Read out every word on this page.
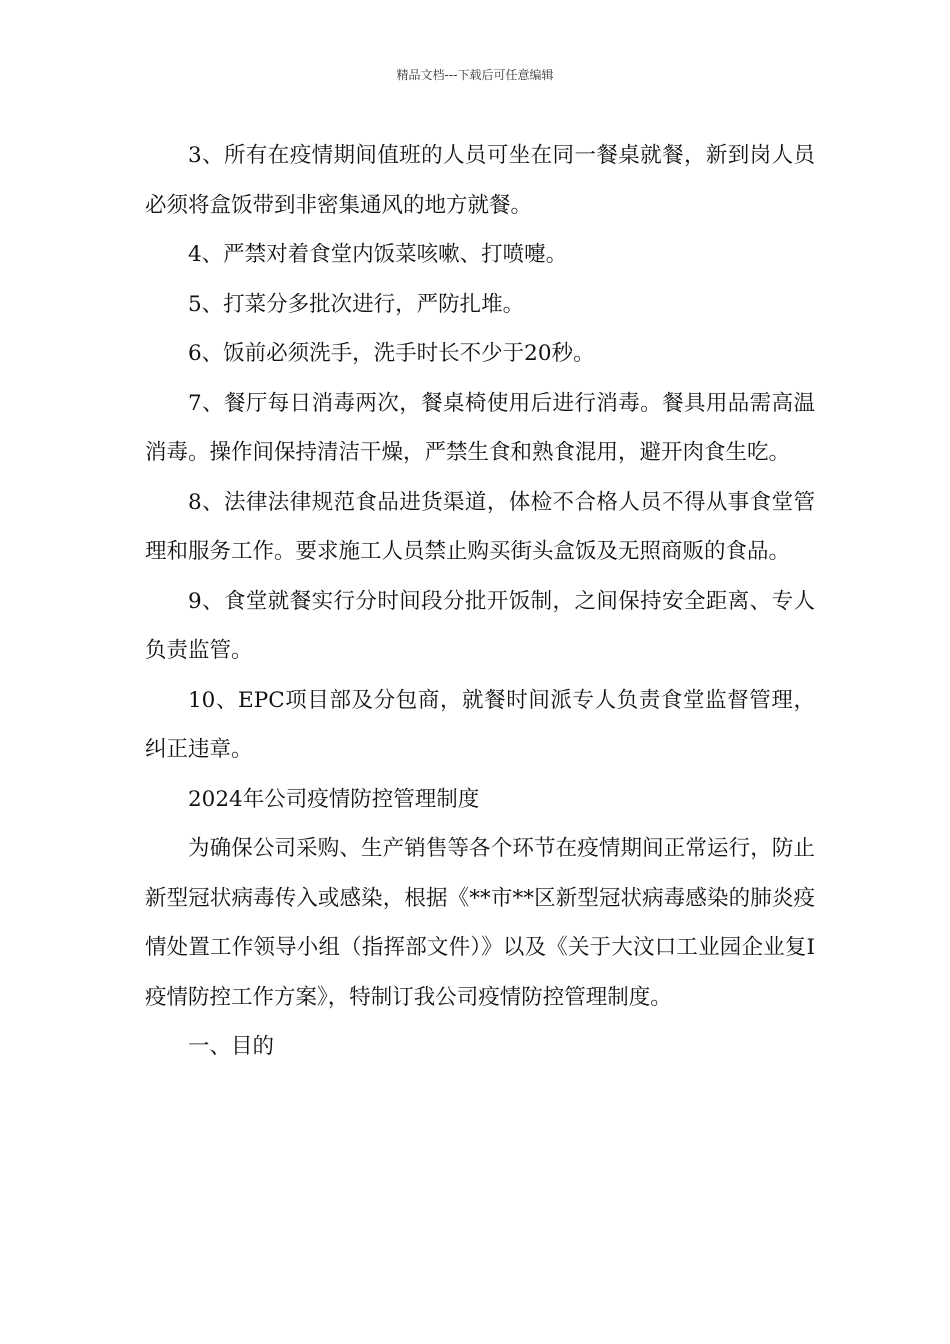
精品文档---下载后可任意编辑

3、所有在疫情期间值班的人员可坐在同一餐桌就餐，新到岗人员必须将盒饭带到非密集通风的地方就餐。

4、严禁对着食堂内饭菜咳嗽、打喷嚏。

5、打菜分多批次进行，严防扎堆。

6、饭前必须洗手，洗手时长不少于20秒。

7、餐厅每日消毒两次，餐桌椅使用后进行消毒。餐具用品需高温消毒。操作间保持清洁干燥，严禁生食和熟食混用，避开肉食生吃。

8、法律法律规范食品进货渠道，体检不合格人员不得从事食堂管理和服务工作。要求施工人员禁止购买街头盒饭及无照商贩的食品。

9、食堂就餐实行分时间段分批开饭制，之间保持安全距离、专人负责监管。

10、EPC项目部及分包商，就餐时间派专人负责食堂监督管理，纠正违章。

2024年公司疫情防控管理制度

为确保公司采购、生产销售等各个环节在疫情期间正常运行，防止新型冠状病毒传入或感染，根据《**市**区新型冠状病毒感染的肺炎疫情处置工作领导小组（指挥部文件）》以及《关于大汶口工业园企业复I疫情防控工作方案》，特制订我公司疫情防控管理制度。

一、目的
